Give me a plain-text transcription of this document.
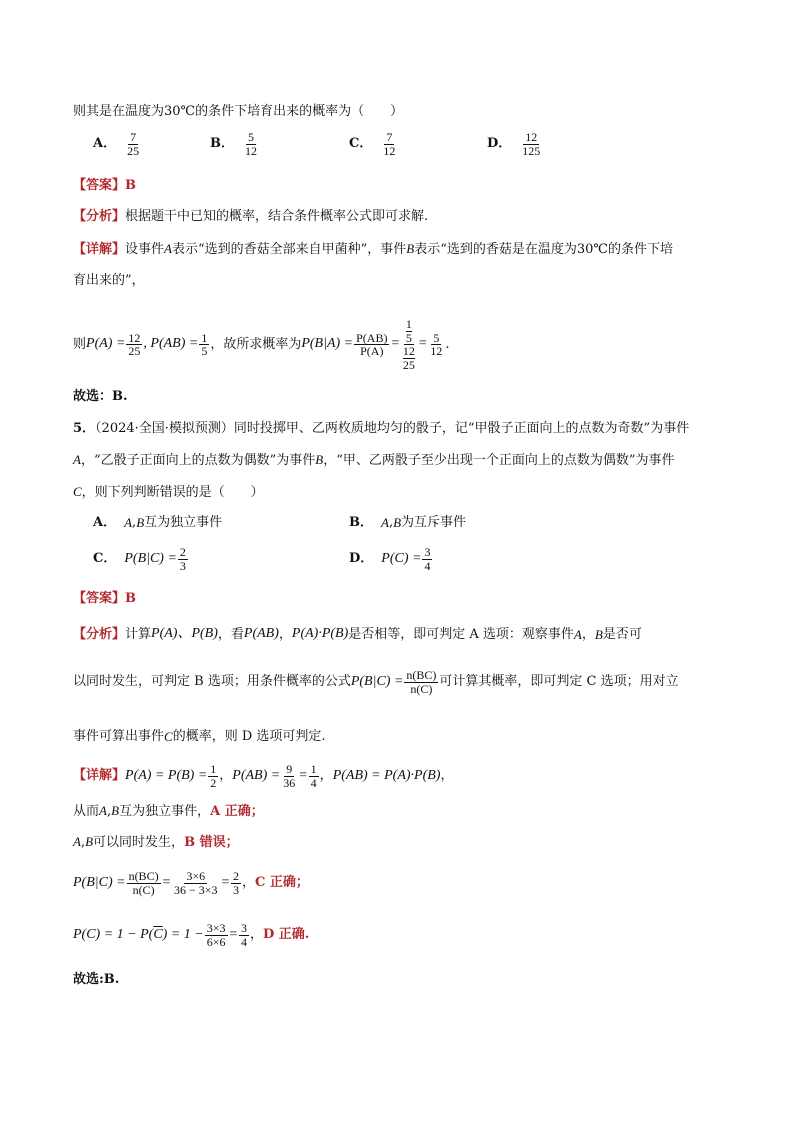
则其是在温度为30℃的条件下培育出来的概率为（　　）
A． $\frac{7}{25}$	B． $\frac{5}{12}$	C． $\frac{7}{12}$	D． $\frac{12}{125}$
【答案】B
【分析】根据题干中已知的概率，结合条件概率公式即可求解.
【详解】设事件A表示“选到的香菇全部来自甲菌种”，事件B表示“选到的香菇是在温度为30℃的条件下培
育出来的”，
则 $P(A) = \frac{12}{25}$ , $P(AB) = \frac{1}{5}$ ，故所求概率为 $P(B|A) = \frac{P(AB)}{P(A)} = 1$
5
12
$25 = \frac{5}{12}$ .
故选：B.
5．（2024·全国·模拟预测）同时投掷甲、乙两枚质地均匀的骰子，记“甲骰子正面向上的点数为奇数”为事件
A，“乙骰子正面向上的点数为偶数”为事件B，“甲、乙两骰子至少出现一个正面向上的点数为偶数”为事件
C，则下列判断错误的是（　　）
A． A , B 互为独立事件	B． A , B 为互斥事件
C． $P(B|C) = \frac{2}{3}$	D． $P(C) = \frac{3}{4}$
【答案】B
【分析】 计算 P(A)、P(B) ，看 P(AB) ， P(A)·P(B) 是否相等，即可判定 A 选项：观察事件 A ， B 是否可
以同时发生，可判定 B 选项；用条件概率的公式 $P(B|C) = \frac{n(BC)}{n(C)}$ 可计算其概率，即可判定 C 选项；用对立
事件可算出事件 C 的概率，则 D 选项可判定.
【详解】 $P(A) = P(B) = \frac{1}{2}$ ， $P(AB) = \frac{9}{36} = \frac{1}{4}$ ， P(AB) = P(A)·P(B) ，
从而A,B互为独立事件，A 正确；
A,B可以同时发生，B 错误；
$P(B|C) = \frac{n(BC)}{n(C)} = \frac{3\times 6}{36 - 3\times 3} = \frac{2}{3}$ ， C 正确；
$P(C) = 1 - P(\overline{C}) = 1 - \frac{3\times 3}{6\times 6} = \frac{3}{4}$ ， D 正确.
故选:B.
